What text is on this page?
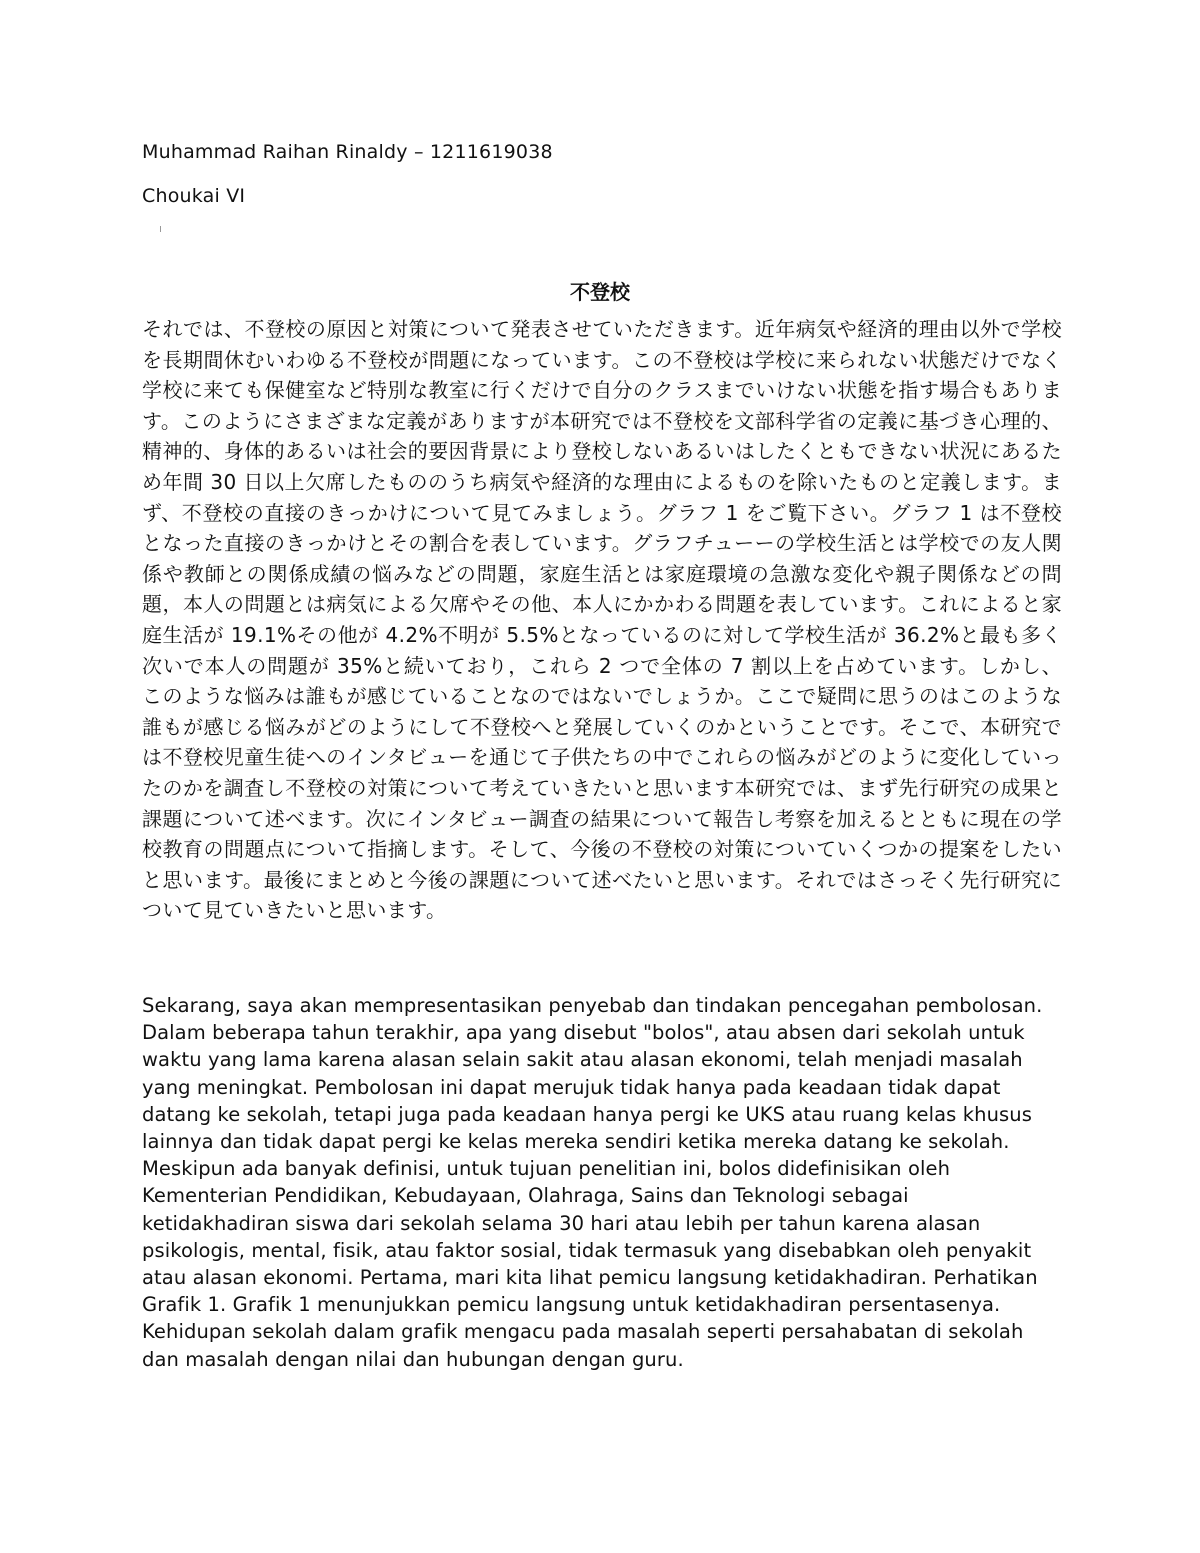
Muhammad Raihan Rinaldy – 1211619038
Choukai VI
不登校

それでは、不登校の原因と対策について発表させていただきます。近年病気や経済的理由以外で学校を長期間休むいわゆる不登校が問題になっています。この不登校は学校に来られない状態だけでなく学校に来ても保健室など特別な教室に行くだけで自分のクラスまでいけない状態を指す場合もあります。このようにさまざまな定義がありますが本研究では不登校を文部科学省の定義に基づき心理的、精神的、身体的あるいは社会的要因背景により登校しないあるいはしたくともできない状況にあるため年間 30 日以上欠席したもののうち病気や経済的な理由によるものを除いたものと定義します。まず、不登校の直接のきっかけについて見てみましょう。グラフ 1 をご覧下さい。グラフ 1 は不登校となった直接のきっかけとその割合を表しています。グラフチューーの学校生活とは学校での友人関係や教師との関係成績の悩みなどの問題，家庭生活とは家庭環境の急激な変化や親子関係などの問題，本人の問題とは病気による欠席やその他、本人にかかわる問題を表しています。これによると家庭生活が 19.1%その他が 4.2%不明が 5.5%となっているのに対して学校生活が 36.2%と最も多く次いで本人の問題が 35%と続いており，これら 2 つで全体の 7 割以上を占めています。しかし、このような悩みは誰もが感じていることなのではないでしょうか。ここで疑問に思うのはこのような誰もが感じる悩みがどのようにして不登校へと発展していくのかということです。そこで、本研究では不登校児童生徒へのインタビューを通じて子供たちの中でこれらの悩みがどのように変化していったのかを調査し不登校の対策について考えていきたいと思います本研究では、まず先行研究の成果と課題について述べます。次にインタビュー調査の結果について報告し考察を加えるとともに現在の学校教育の問題点について指摘します。そして、今後の不登校の対策についていくつかの提案をしたいと思います。最後にまとめと今後の課題について述べたいと思います。それではさっそく先行研究について見ていきたいと思います。

Sekarang, saya akan mempresentasikan penyebab dan tindakan pencegahan pembolosan. Dalam beberapa tahun terakhir, apa yang disebut "bolos", atau absen dari sekolah untuk waktu yang lama karena alasan selain sakit atau alasan ekonomi, telah menjadi masalah yang meningkat. Pembolosan ini dapat merujuk tidak hanya pada keadaan tidak dapat datang ke sekolah, tetapi juga pada keadaan hanya pergi ke UKS atau ruang kelas khusus lainnya dan tidak dapat pergi ke kelas mereka sendiri ketika mereka datang ke sekolah. Meskipun ada banyak definisi, untuk tujuan penelitian ini, bolos didefinisikan oleh Kementerian Pendidikan, Kebudayaan, Olahraga, Sains dan Teknologi sebagai ketidakhadiran siswa dari sekolah selama 30 hari atau lebih per tahun karena alasan psikologis, mental, fisik, atau faktor sosial, tidak termasuk yang disebabkan oleh penyakit atau alasan ekonomi. Pertama, mari kita lihat pemicu langsung ketidakhadiran. Perhatikan Grafik 1. Grafik 1 menunjukkan pemicu langsung untuk ketidakhadiran persentasenya. Kehidupan sekolah dalam grafik mengacu pada masalah seperti persahabatan di sekolah dan masalah dengan nilai dan hubungan dengan guru.
